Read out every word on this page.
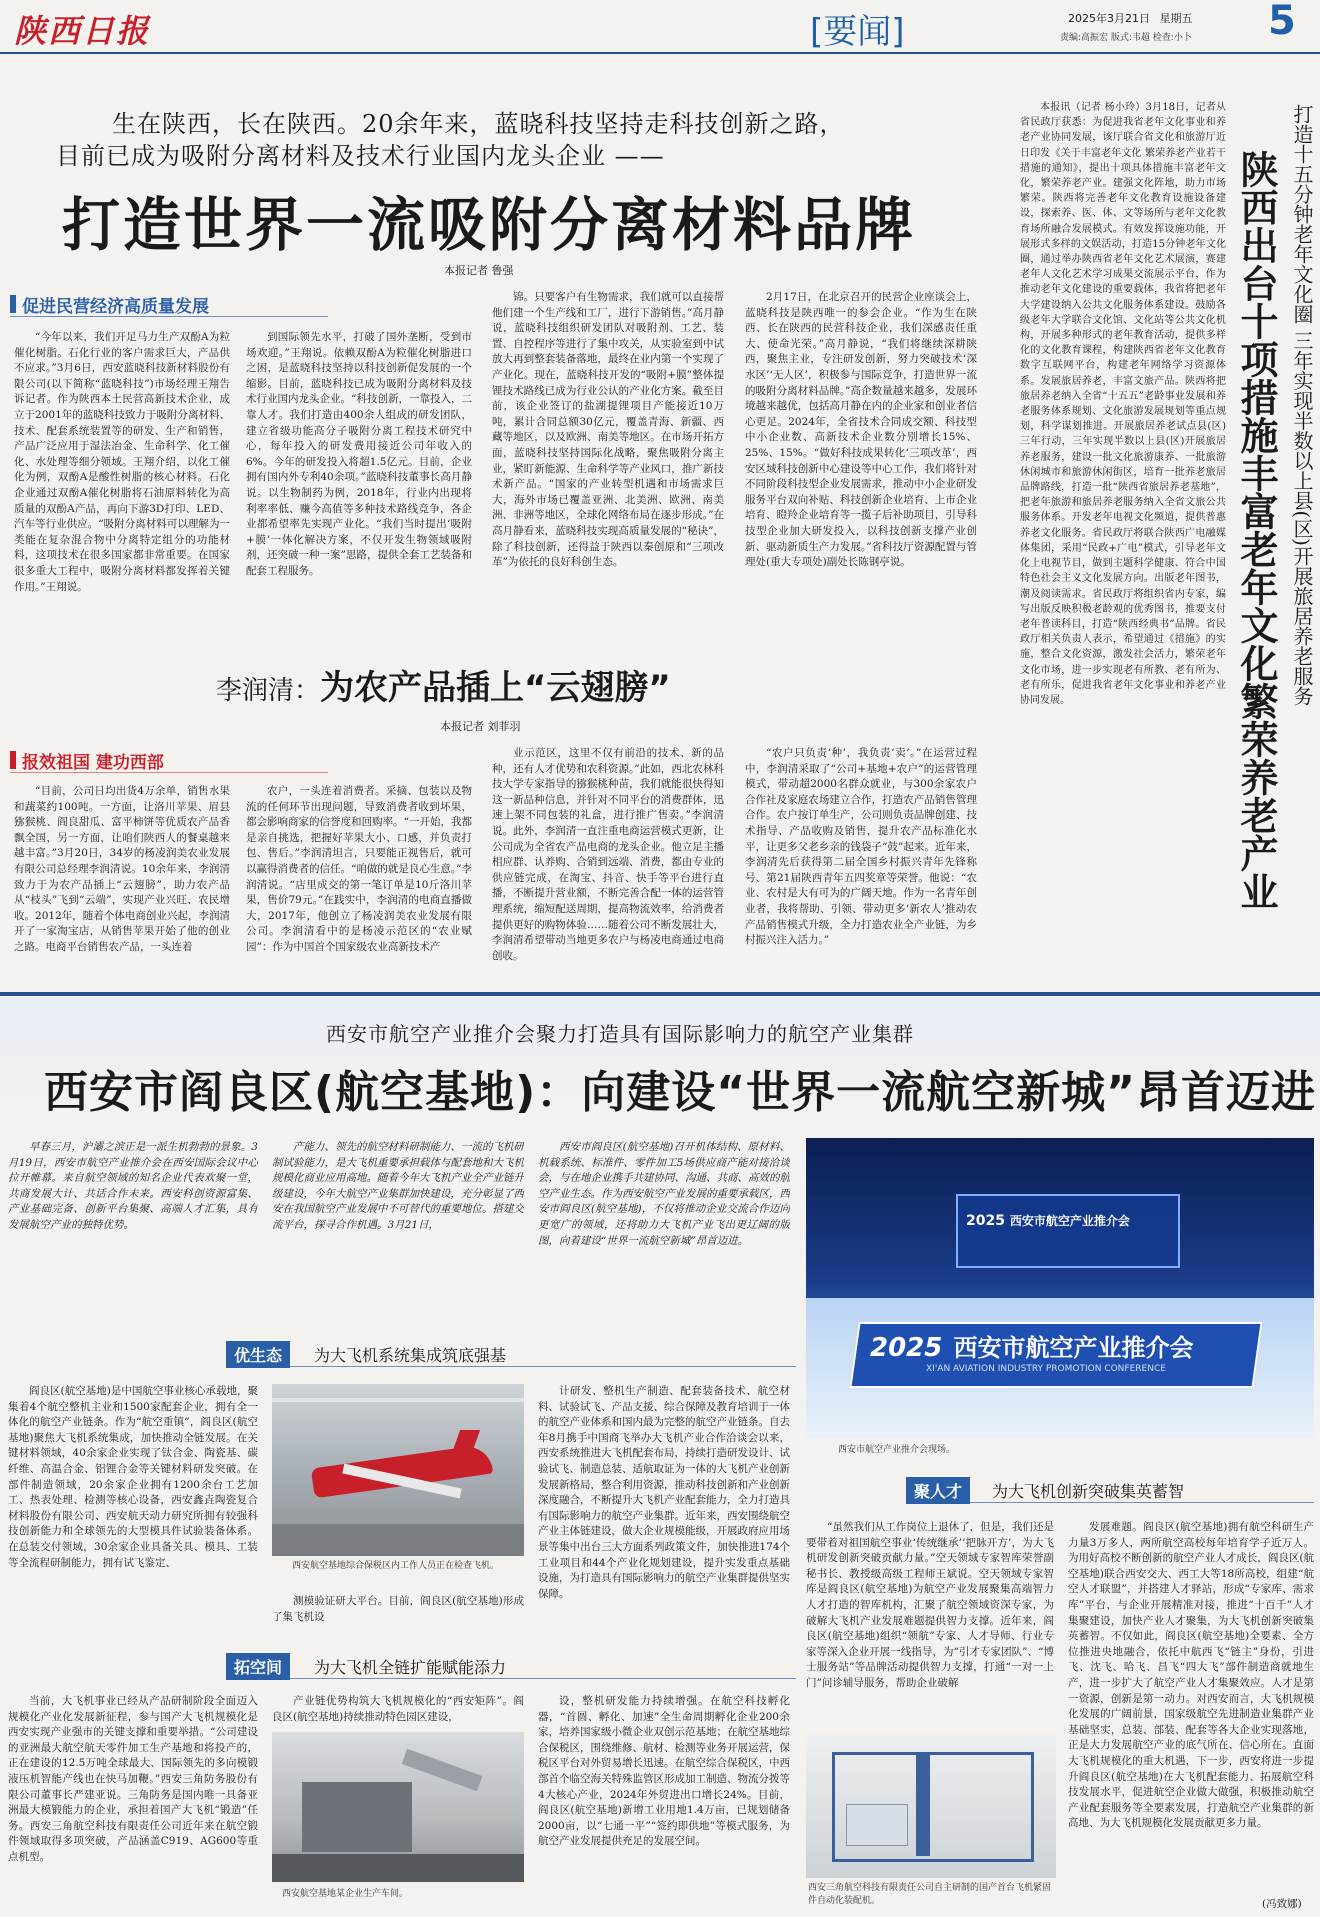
陕西日报	[要闻]	2025年3月21日 星期五
责编:高振宏 版式:韦超 检查:小卜 5
生在陕西，长在陕西。20余年来，蓝晓科技坚持走科技创新之路，
目前已成为吸附分离材料及技术行业国内龙头企业 ——
打造世界一流吸附分离材料品牌
本报记者 鲁强
促进民营经济高质量发展

“今年以来，我们开足马力生产双酚A为粒催化树脂。石化行业的客户需求巨大，产品供不应求。”3月6日，西安蓝晓科技新材料股份有限公司(以下简称“蓝晓科技”)市场经理王翔告诉记者。作为陕西本土民营高新技术企业，成立于2001年的蓝晓科技致力于吸附分离材料、技术、配套系统装置等的研发、生产和销售，产品广泛应用于湿法冶金、生命科学、化工催化、水处理等细分领域。王翔介绍，以化工催化为例，双酚A是酸性树脂的核心材料。石化企业通过双酚A催化树脂将石油原料转化为高质量的双酚A产品，再向下游3D打印、LED、汽车等行业供应。“吸附分离材料可以理解为一类能在复杂混合物中分离特定组分的功能材料，这项技术在很多国家都非常重要。在国家很多重大工程中，吸附分离材料都发挥着关键作用。”王翔说。

到国际领先水平，打破了国外垄断，受到市场欢迎。”王翔说。依赖双酚A为粒催化树脂进口之困，是蓝晓科技坚持以科技创新促发展的一个缩影。目前，蓝晓科技已成为吸附分离材料及技术行业国内龙头企业。“科技创新，一靠投入，二靠人才。我们打造由400余人组成的研发团队，建立省级功能高分子吸附分离工程技术研究中心，每年投入的研发费用接近公司年收入的6%。今年的研发投入将超1.5亿元。目前，企业拥有国内外专利40余项。”蓝晓科技董事长高月静说。以生物制药为例，2018年，行业内出现将利率率低、赚今高值等多种技术路线竞争，各企业都希望率先实现产业化。“我们当时提出‘吸附+膜’一体化解决方案，不仅开发生物领域吸附剂，还突破一种一案”思路，提供全套工艺装备和配套工程服务。

锦。只要客户有生物需求，我们就可以直接帮他们建一个生产线和工厂，进行下游销售。”高月静说，蓝晓科技组织研发团队对吸附剂、工艺、装置、自控程序等进行了集中攻关，从实验室到中试放大再到整套装备落地，最终在业内第一个实现了产业化。现在，蓝晓科技开发的“吸附+膜”整体提锂技术路线已成为行业公认的产业化方案。截至目前，该企业签订的盐湖提锂项目产能接近10万吨，累计合同总额30亿元，覆盖青海、新疆、西藏等地区，以及欧洲、南美等地区。在市场开拓方面，蓝晓科技坚持国际化战略，聚焦吸附分离主业，紧盯新能源、生命科学等产业风口，推广新技术新产品。“国家的产业转型机遇和市场需求巨大，海外市场已覆盖亚洲、北美洲、欧洲、南美洲、非洲等地区，全球化网络布局在逐步形成。”在高月静看来，蓝晓科技实现高质量发展的“秘诀”，除了科技创新，还得益于陕西以秦创原和“三项改革”为依托的良好科创生态。

2月17日，在北京召开的民营企业座谈会上，蓝晓科技是陕西唯一的参会企业。“作为生在陕西、长在陕西的民营科技企业，我们深感责任重大、使命光荣。”高月静说，“我们将继续深耕陕西，聚焦主业，专注研发创新，努力突破技术‘深水区’‘无人区’，积极参与国际竞争，打造世界一流的吸附分离材料品牌。”高企数量越来越多，发展环境越来越优，包括高月静在内的企业家和创业者信心更足。2024年，全省技术合同成交额、科技型中小企业数、高新技术企业数分别增长15%、25%、15%。“做好科技成果转化‘三项改革’，西安区域科技创新中心建设等中心工作，我们将针对不同阶段科技型企业发展需求，推动中小企业研发服务平台双向补贴、科技创新企业培育、上市企业培育、瞪羚企业培育等一揽子后补助项目，引导科技型企业加大研发投入，以科技创新支撑产业创新、驱动新质生产力发展。”省科技厅资源配置与管理处(重大专项处)副处长陈钢亭说。

李润清：为农产品插上“云翅膀”
本报记者 刘菲羽
报效祖国 建功西部

“目前，公司日均出货4万余单，销售水果和蔬菜约100吨。一方面，让洛川苹果、眉县猕猴桃、阎良甜瓜、富平柿饼等优质农产品香飘全国，另一方面，让咱们陕西人的餐桌越来越丰富。”3月20日，34岁的杨凌润美农业发展有限公司总经理李润清说。10余年来，李润清致力于为农产品插上“云翅膀”，助力农产品从“枝头”飞到“云端”，实现产业兴旺、农民增收。2012年，随着个体电商创业兴起，李润清开了一家淘宝店，从销售苹果开始了他的创业之路。电商平台销售农产品，一头连着

农户，一头连着消费者。采摘、包装以及物流的任何环节出现问题，导致消费者收到坏果，都会影响商家的信誉度和回购率。“一开始，我都是亲自挑选，把握好苹果大小、口感，并负责打包、售后。”李润清坦言，只要能正视售后，就可以赢得消费者的信任。“咱做的就是良心生意。”李润清说。“店里成交的第一笔订单是10斤洛川苹果，售价79元。”在践实中，李润清的电商直播做大，2017年，他创立了杨凌润美农业发展有限公司。李润清看中的是杨凌示范区的“农业赋园”：作为中国首个国家级农业高新技术产

业示范区，这里不仅有前沿的技术、新的品种，还有人才优势和农科资源。”此如，西北农林科技大学专家指导的猕猴桃种苗，我们就能很快得知这一新品种信息，并针对不同平台的消费群体，迅速上架不同包装的礼盒，进行推广售卖。”李润清说。此外，李润清一直注重电商运营模式更新，让公司成为全省农产品电商的龙头企业。他立足主播相应群、认养购、合销到远端、消费，都由专业的供应链完成，在淘宝、抖音、快手等平台进行直播，不断提升营业额，不断完善合配一体的运营管理系统，缩短配送周期，提高物流效率，给消费者提供更好的购物体验……随着公司不断发展壮大，李润清希望带动当地更多农户与杨凌电商通过电商创收。

“农户只负责‘种’，我负责‘卖’。”在运营过程中，李润清采取了“公司+基地+农户”的运营管理模式，带动超2000名群众就业，与300余家农户合作社及家庭农场建立合作，打造农产品销售管理合作。农户按订单生产，公司则负责品牌创建、技术指导、产品收购及销售，提升农产品标准化水平，让更多父老乡亲的钱袋子“鼓”起来。近年来，李润清先后获得第二届全国乡村振兴青年先锋称号、第21届陕西青年五四奖章等荣誉。他说：“农业、农村是大有可为的广阔天地。作为一名青年创业者，我将帮助、引领、带动更多‘新农人’推动农产品销售模式升级，全力打造农业全产业链，为乡村振兴注入活力。”

本报讯（记者 杨小玲）3月18日，记者从省民政厅获悉：为促进我省老年文化事业和养老产业协同发展，该厅联合省文化和旅游厅近日印发《关于丰富老年文化 繁荣养老产业若干措施的通知》，提出十项具体措施丰富老年文化，繁荣养老产业。建强文化阵地，助力市场繁荣。陕西将完善老年文化教育设施设备建设，探索养、医、体、文等场所与老年文化教育场所融合发展模式。有效发挥设施功能，开展形式多样的文娱活动，打造15分钟老年文化圈，通过举办陕西省老年文化艺术展演，赛建老年人文化艺术学习成果交流展示平台，作为推动老年文化建设的重要载体，我省将把老年大学建设纳入公共文化服务体系建设。鼓励各级老年大学联合文化馆、文化站等公共文化机构，开展多种形式的老年教育活动，提供多样化的文化教育课程，构建陕西省老年文化教育数字互联网平台，构建老年网络学习资源体系。发展旅居养老，丰富文旅产品。陕西将把旅居养老纳入全省“十五五”老龄事业发展和养老服务体系规划、文化旅游发展规划等重点规划，科学谋划推进。开展旅居养老试点县(区)三年行动，三年实现半数以上县(区)开展旅居养老服务，建设一批文化旅游康养、一批旅游休闲城市和旅游休闲街区，培育一批养老旅居品牌路线，打造一批“陕西省旅居养老基地”，把老年旅游和旅居养老服务纳入全省文旅公共服务体系。开发老年电视文化频道，提供普惠养老文化服务。省民政厅将联合陕西广电融媒体集团，采用“民政+广电”模式，引导老年文化上电视节目，做到主题科学健康、符合中国特色社会主义文化发展方向。出版老年图书，潮及阅读需求。省民政厅将组织省内专家，编写出版反映积极老龄观的优秀图书，推要支付老年普读科目，打造“陕西经典书”品牌。省民政厅相关负责人表示，希望通过《措施》的实施，整合文化资源，激发社会活力，繁荣老年文化市场，进一步实现老有所教、老有所为、老有所乐，促进我省老年文化事业和养老产业协同发展。	陕西出台十项措施丰富老年文化繁荣养老产业 打造十五分钟老年文化圈 三年实现半数以上县(区)开展旅居养老服务
西安市航空产业推介会聚力打造具有国际影响力的航空产业集群
西安市阎良区(航空基地)：向建设“世界一流航空新城”昂首迈进

早春三月，沪灞之滨正是一派生机勃勃的景象。3月19日，西安市航空产业推介会在西安国际会议中心拉开帷幕。来自航空领域的知名企业代表欢聚一堂，共商发展大计、共话合作未来。西安科创资源富集、产业基础完备、创新平台集聚、高端人才汇集，具有发展航空产业的独特优势。

产能力、领先的航空材料研制能力、一流的飞机研制试验能力，是大飞机重要承担载体与配套地和大飞机规模化商业应用高地。随着今年大飞机产业全产业链升级建设，今年大航空产业集群加快建设，充分彰显了西安在我国航空产业发展中不可替代的重要地位。搭建交流平台，探寻合作机遇。3月21日，

西安市阎良区(航空基地)召开机体结构、原材料、机载系统、标准件、零件加工5场供应商产能对接洽谈会，与在地企业携手共建协同、沟通、共商、高效的航空产业生态。作为西安航空产业发展的重要承载区，西安市阎良区(航空基地)，不仅将推动企业交流合作迈向更宽广的领域，还将助力大飞机产业飞出更辽阔的版图，向着建设“世界一流航空新城”昂首迈进。

2025 西安市航空产业推介会
2025 西安市航空产业推介会
XI'AN AVIATION INDUSTRY PROMOTION CONFERENCE
西安市航空产业推介会现场。
优生态	为大飞机系统集成筑底强基

阎良区(航空基地)是中国航空事业核心承载地，聚集着4个航空整机主业和1500家配套企业，拥有全一体化的航空产业链条。作为“航空重镇”，阎良区(航空基地)聚焦大飞机系统集成，加快推动全链发展。在关键材料领域，40余家企业实现了钛合金、陶瓷基、碳纤维、高温合金、铝锂合金等关键材料研发突破。在部件制造领域，20余家企业拥有1200余台工艺加工、热表处理、检测等核心设备，西安鑫垚陶瓷复合材料股份有限公司、西安航天动力研究所拥有较强科技创新能力和全球领先的大型模具件试验装备体系。在总装交付领域，30余家企业具备关具、模具、工装等全流程研制能力，拥有试飞鉴定、	西安航空基地综合保税区内工作人员正在检查飞机。

测模验证研大平台。目前，阎良区(航空基地)形成了集飞机设

计研发、整机生产制造、配套装备技术、航空材料、试验试飞、产品支援、综合保障及教育培训于一体的航空产业体系和国内最为完整的航空产业链条。自去年8月携手中国商飞举办大飞机产业合作洽谈会以来，西安系统推进大飞机配套布局，持续打造研发设计、试验试飞、制造总装、适航取证为一体的大飞机产业创新发展新格局，整合利用资源，推动科技创新和产业创新深度融合，不断提升大飞机产业配套能力，全力打造具有国际影响力的航空产业集群。近年来，西安围绕航空产业主体链建设，做大企业规模能级，开展政府应用场景等集中出台三大方面系列政策文件，加快推进174个工业项目和44个产业化规划建设，提升实发重点基础设施，为打造具有国际影响力的航空产业集群提供坚实保障。

聚人才	为大飞机创新突破集英蓄智

“虽然我们从工作岗位上退休了，但是，我们还是要带着对祖国航空事业‘传统继承’‘把脉开方’，为大飞机研发创新突破贡献力量。”空天领域专家智库荣誉副秘书长、教授级高级工程师王斌说。空天领域专家智库是阎良区(航空基地)为航空产业发展聚集高端智力人才打造的智库机构，汇聚了航空领域资深专家，为破解大飞机产业发展难题提供智力支撑。近年来，阎良区(航空基地)组织“领航”专家、人才导师、行业专家等深入企业开展一线指导，为“引才专家团队”、“博士服务站”等品牌活动提供智力支撑，打通“一对一上门”问诊辅导服务，帮助企业破解

发展难题。阎良区(航空基地)拥有航空科研生产力量3万多人，两所航空高校每年培育学子近万人。为用好高校不断创新的航空产业人才成长，阎良区(航空基地)联合西安交大、西工大等18所高校，组建“航空人才联盟”，并搭建人才驿站，形成“专家库、需求库”平台，与企业开展精准对接，推进“十百千”人才集聚建设，加快产业人才聚集，为大飞机创新突破集英蓄智。不仅如此，阎良区(航空基地)全要素、全方位推进央地融合，依托中航西飞“链主”身份，引进飞、沈飞、哈飞、昌飞“四大飞”部件制造商就地生产，进一步扩大了航空产业人才集聚效应。人才是第一资源，创新是第一动力。对西安而言，大飞机规模化发展的广阔前景，国家级航空先进制造业集群产业基础坚实，总装、部装、配套等各大企业实现落地，正是大力发展航空产业的底气所在、信心所在。直面大飞机规模化的重大机遇，下一步，西安将进一步提升阎良区(航空基地)在大飞机配套能力、拓展航空科技发展水平，促进航空企业做大做强，积极推动航空产业配套服务等全要素发展，打造航空产业集群的新高地、为大飞机规模化发展贡献更多力量。

(冯致娜)
拓空间	为大飞机全链扩能赋能添力

当前，大飞机事业已经从产品研制阶段全面迈入规模化产业化发展新征程，参与国产大飞机规模化是西安实现产业强市的关键支撑和重要举措。“公司建设的亚洲最大航空航天零件加工生产基地和将投产的，正在建设的12.5万吨全球最大、国际领先的多向模锻液压机智能产线也在快马加鞭。”西安三角防务股份有限公司董事长严建亚说。三角防务是国内唯一具备亚洲最大模锻能力的企业，承担着国产大飞机“锻造”任务。西安三角航空科技有限责任公司近年来在航空锻件领域取得多项突破，产品涵盖C919、AG600等重点机型。

产业链优势构筑大飞机规模化的“西安矩阵”。阎良区(航空基地)持续推动特色园区建设，

西安航空基地某企业生产车间。

设，整机研发能力持续增强。在航空科技孵化器，“首圆、孵化、加速”全生命周期孵化企业200余家，培养国家级小微企业双创示范基地；在航空基地综合保税区，围绕维修、航材、检测等业务开展运营，保税区平台对外贸易增长迅速。在航空综合保税区，中西部首个临空海关特殊监管区形成加工制造、物流分拨等4大核心产业，2024年外贸进出口增长24%。目前，阎良区(航空基地)新增工业用地1.4万亩，已规划储备2000亩，以“七通一平”“签约即供地”等模式服务，为航空产业发展提供充足的发展空间。

西安三角航空科技有限责任公司自主研制的国产首台飞机紧固件自动化装配机。
